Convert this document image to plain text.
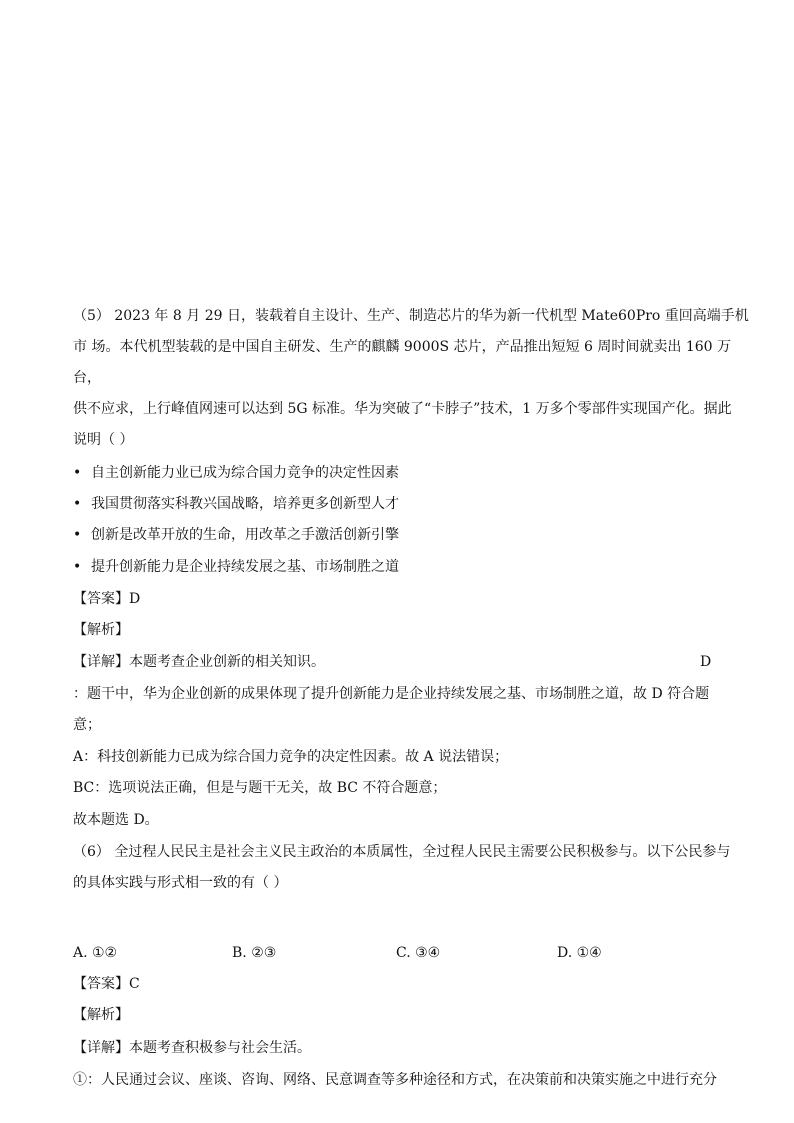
（5） 2023 年 8 月 29 日，装载着自主设计、生产、制造芯片的华为新一代机型 Mate60Pro 重回高端手机
市 场。本代机型装载的是中国自主研发、生产的麒麟 9000S 芯片，产品推出短短 6 周时间就卖出 160 万
台，
供不应求，上行峰值网速可以达到 5G 标准。华为突破了“卡脖子”技术，1 万多个零部件实现国产化。据此
说明（ ）
• 自主创新能力业已成为综合国力竞争的决定性因素
• 我国贯彻落实科教兴国战略，培养更多创新型人才
• 创新是改革开放的生命，用改革之手激活创新引擎
• 提升创新能力是企业持续发展之基、市场制胜之道
【答案】D
【解析】
【详解】本题考查企业创新的相关知识。	D
：题干中，华为企业创新的成果体现了提升创新能力是企业持续发展之基、市场制胜之道，故 D 符合题
意；
A：科技创新能力已成为综合国力竞争的决定性因素。故 A 说法错误；
BC：选项说法正确，但是与题干无关，故 BC 不符合题意；
故本题选 D。
（6） 全过程人民民主是社会主义民主政治的本质属性，全过程人民民主需要公民积极参与。以下公民参与
的具体实践与形式相一致的有（ ）
A. ①②	B. ②③	C. ③④	D. ①④
【答案】C
【解析】
【详解】本题考查积极参与社会生活。
①：人民通过会议、座谈、咨询、网络、民意调查等多种途径和方式，在决策前和决策实施之中进行充分
